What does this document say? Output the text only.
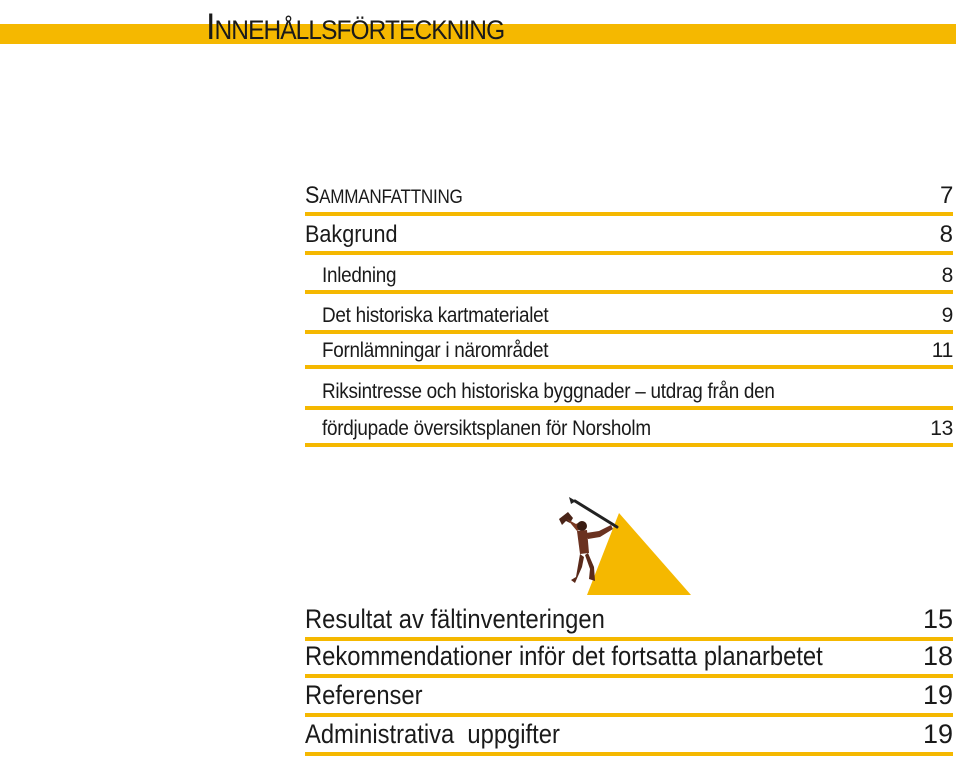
INNEHÅLLSFÖRTECKNING
SAMMANFATTNING	7
Bakgrund	8
Inledning	8
Det historiska kartmaterialet	9
Fornlämningar i närområdet	11
Riksintresse och historiska byggnader – utdrag från den
fördjupade översiktsplanen för Norsholm	13
Resultat av fältinventeringen	15
Rekommendationer inför det fortsatta planarbetet	18
Referenser	19
Administrativa  uppgifter	19
